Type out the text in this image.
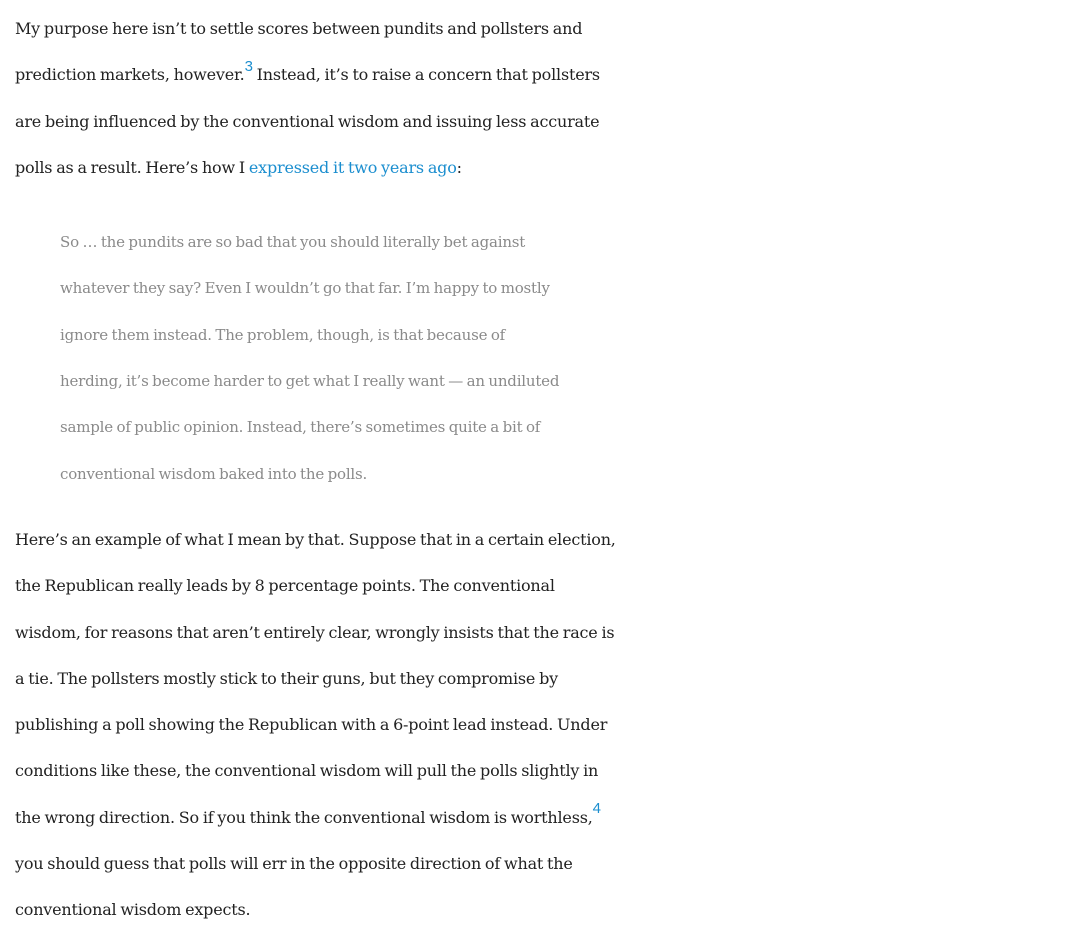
My purpose here isn’t to settle scores between pundits and pollsters and
prediction markets, however.$^3$ Instead, it’s to raise a concern that pollsters
are being influenced by the conventional wisdom and issuing less accurate
polls as a result. Here’s how I expressed it two years ago:

So … the pundits are so bad that you should literally bet against
whatever they say? Even I wouldn’t go that far. I’m happy to mostly
ignore them instead. The problem, though, is that because of
herding, it’s become harder to get what I really want — an undiluted
sample of public opinion. Instead, there’s sometimes quite a bit of
conventional wisdom baked into the polls.

Here’s an example of what I mean by that. Suppose that in a certain election,
the Republican really leads by 8 percentage points. The conventional
wisdom, for reasons that aren’t entirely clear, wrongly insists that the race is
a tie. The pollsters mostly stick to their guns, but they compromise by
publishing a poll showing the Republican with a 6-point lead instead. Under
conditions like these, the conventional wisdom will pull the polls slightly in
the wrong direction. So if you think the conventional wisdom is worthless,$^4$
you should guess that polls will err in the opposite direction of what the
conventional wisdom expects.
